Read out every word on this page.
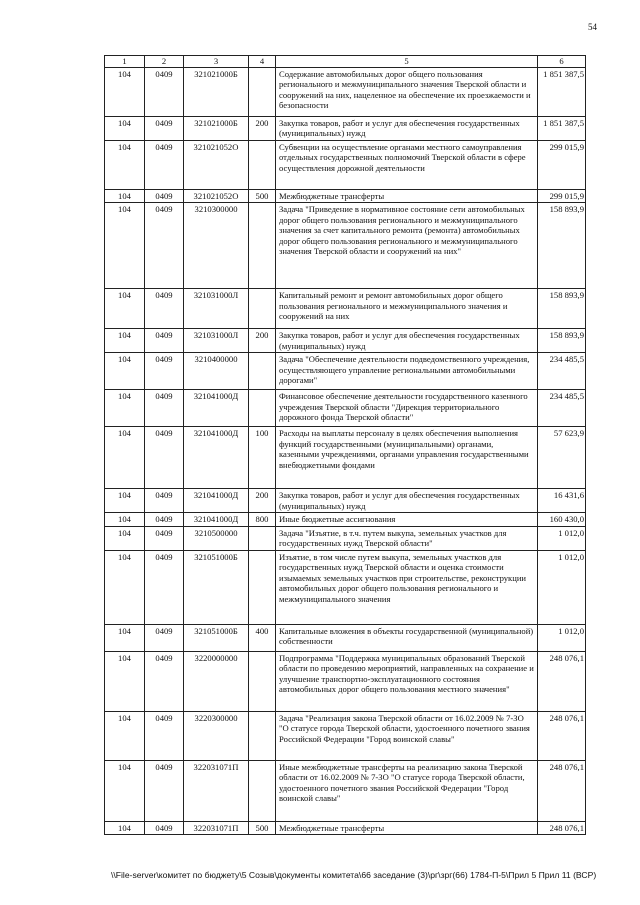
54
1	2	3	4	5	6
104	0409	321021000Б		Содержание автомобильных дорог общего пользования регионального и межмуниципального значения Тверской области и сооружений на них, нацеленное на обеспечение их проезжаемости и безопасности	1 851 387,5
104	0409	321021000Б	200	Закупка товаров, работ и услуг для обеспечения государственных (муниципальных) нужд	1 851 387,5
104	0409	321021052О		Субвенции на осуществление органами местного самоуправления отдельных государственных полномочий Тверской области в сфере осуществления дорожной деятельности	299 015,9
104	0409	321021052О	500	Межбюджетные трансферты	299 015,9
104	0409	3210300000		Задача "Приведение в нормативное состояние сети автомобильных дорог общего пользования регионального и межмуниципального значения за счет капитального ремонта (ремонта) автомобильных дорог общего пользования регионального и межмуниципального значения Тверской области и сооружений на них"	158 893,9
104	0409	321031000Л		Капитальный ремонт и ремонт автомобильных дорог общего пользования регионального и межмуниципального значения и сооружений на них	158 893,9
104	0409	321031000Л	200	Закупка товаров, работ и услуг для обеспечения государственных (муниципальных) нужд	158 893,9
104	0409	3210400000		Задача "Обеспечение деятельности подведомственного учреждения, осуществляющего управление региональными автомобильными дорогами"	234 485,5
104	0409	321041000Д		Финансовое обеспечение деятельности государственного казенного учреждения Тверской области "Дирекция территориального дорожного фонда Тверской области"	234 485,5
104	0409	321041000Д	100	Расходы на выплаты персоналу в целях обеспечения выполнения функций государственными (муниципальными) органами, казенными учреждениями, органами управления государственными внебюджетными фондами	57 623,9
104	0409	321041000Д	200	Закупка товаров, работ и услуг для обеспечения государственных (муниципальных) нужд	16 431,6
104	0409	321041000Д	800	Иные бюджетные ассигнования	160 430,0
104	0409	3210500000		Задача "Изъятие, в т.ч. путем выкупа, земельных участков для государственных нужд Тверской области"	1 012,0
104	0409	321051000Б		Изъятие, в том числе путем выкупа, земельных участков для государственных нужд Тверской области и оценка стоимости изымаемых земельных участков при строительстве, реконструкции автомобильных дорог общего пользования регионального и межмуниципального значения	1 012,0
104	0409	321051000Б	400	Капитальные вложения в объекты государственной (муниципальной) собственности	1 012,0
104	0409	3220000000		Подпрограмма "Поддержка муниципальных образований Тверской области по проведению мероприятий, направленных на сохранение и улучшение транспортно-эксплуатационного состояния автомобильных дорог общего пользования местного значения"	248 076,1
104	0409	3220300000		Задача "Реализация закона Тверской области от 16.02.2009 № 7-ЗО "О статусе города Тверской области, удостоенного почетного звания Российской Федерации "Город воинской славы"	248 076,1
104	0409	322031071П		Иные межбюджетные трансферты на реализацию закона Тверской области от 16.02.2009 № 7-ЗО "О статусе города Тверской области, удостоенного почетного звания Российской Федерации "Город воинской славы"	248 076,1
104	0409	322031071П	500	Межбюджетные трансферты	248 076,1
\\File-server\комитет по бюджету\5 Созыв\документы комитета\66 заседание (3)\рг\зрг(66) 1784-П-5\Прил 5 Прил 11 (ВСР)
